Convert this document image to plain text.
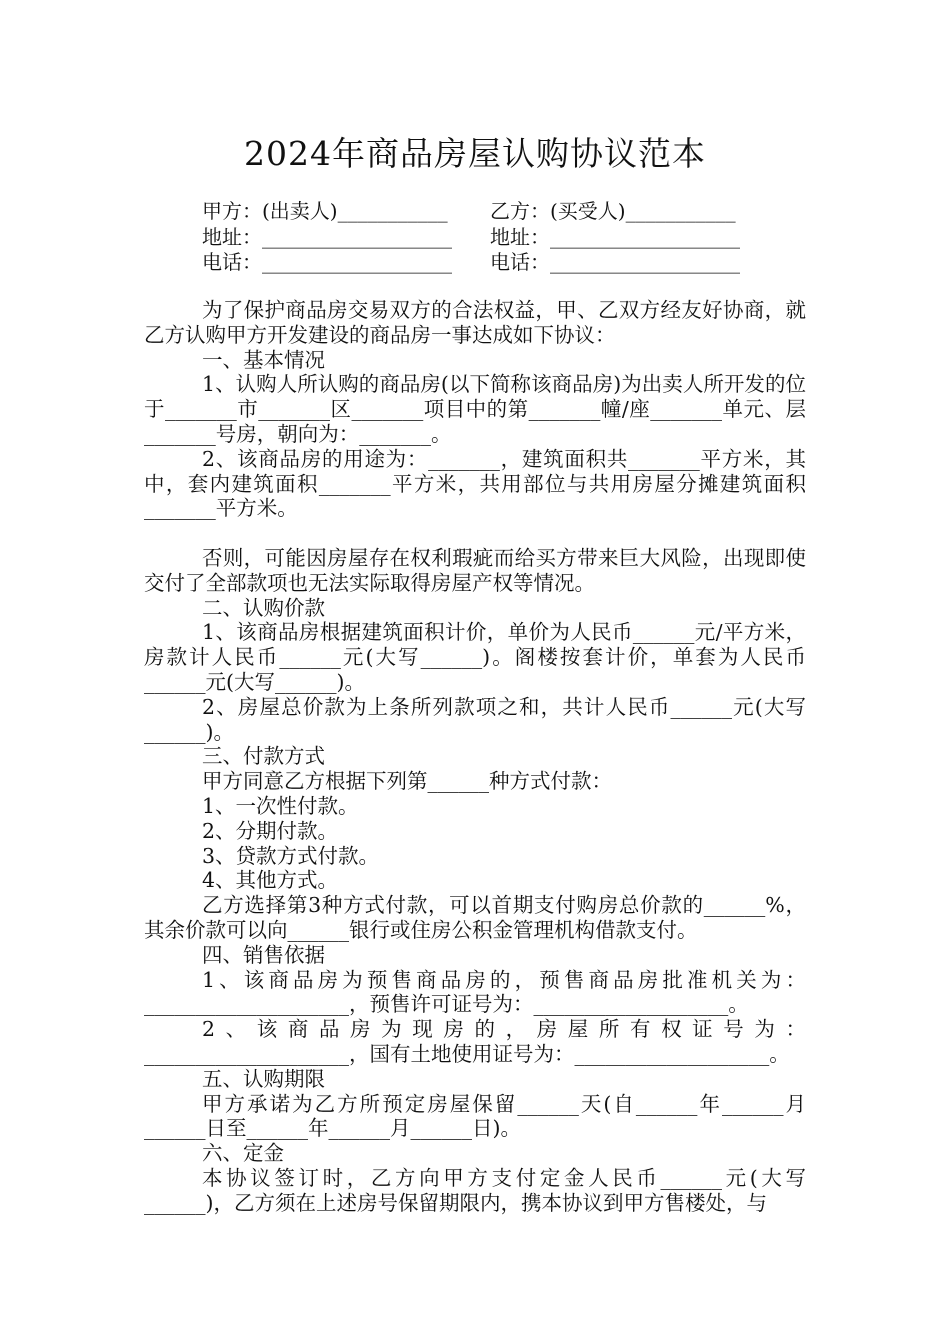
2024年商品房屋认购协议范本
甲方：(出卖人)___________ 乙方：(买受人)___________
地址：___________________ 地址：___________________
电话：___________________ 电话：___________________

为了保护商品房交易双方的合法权益，甲、乙双方经友好协商，就乙方认购甲方开发建设的商品房一事达成如下协议：

一、基本情况

1、认购人所认购的商品房(以下简称该商品房)为出卖人所开发的位于_______市_______区_______项目中的第_______幢/座_______单元、层_______号房，朝向为：_______。

2、该商品房的用途为：_______，建筑面积共_______平方米，其中，套内建筑面积_______平方米，共用部位与共用房屋分摊建筑面积_______平方米。

否则，可能因房屋存在权利瑕疵而给买方带来巨大风险，出现即使交付了全部款项也无法实际取得房屋产权等情况。

二、认购价款

1、该商品房根据建筑面积计价，单价为人民币______元/平方米，房款计人民币______元(大写______)。阁楼按套计价，单套为人民币______元(大写______)。

2、房屋总价款为上条所列款项之和，共计人民币______元(大写______)。

三、付款方式

甲方同意乙方根据下列第______种方式付款：

1、一次性付款。

2、分期付款。

3、贷款方式付款。

4、其他方式。

乙方选择第3种方式付款，可以首期支付购房总价款的______%，其余价款可以向______银行或住房公积金管理机构借款支付。

四、销售依据

1、该商品房为预售商品房的，预售商品房批准机关为：____________________，预售许可证号为：___________________。

2、该商品房为现房的，房屋所有权证号为：____________________，国有土地使用证号为：___________________。

五、认购期限

甲方承诺为乙方所预定房屋保留______天(自______年______月______日至______年______月______日)。

六、定金

本协议签订时，乙方向甲方支付定金人民币______元(大写______)，乙方须在上述房号保留期限内，携本协议到甲方售楼处，与
